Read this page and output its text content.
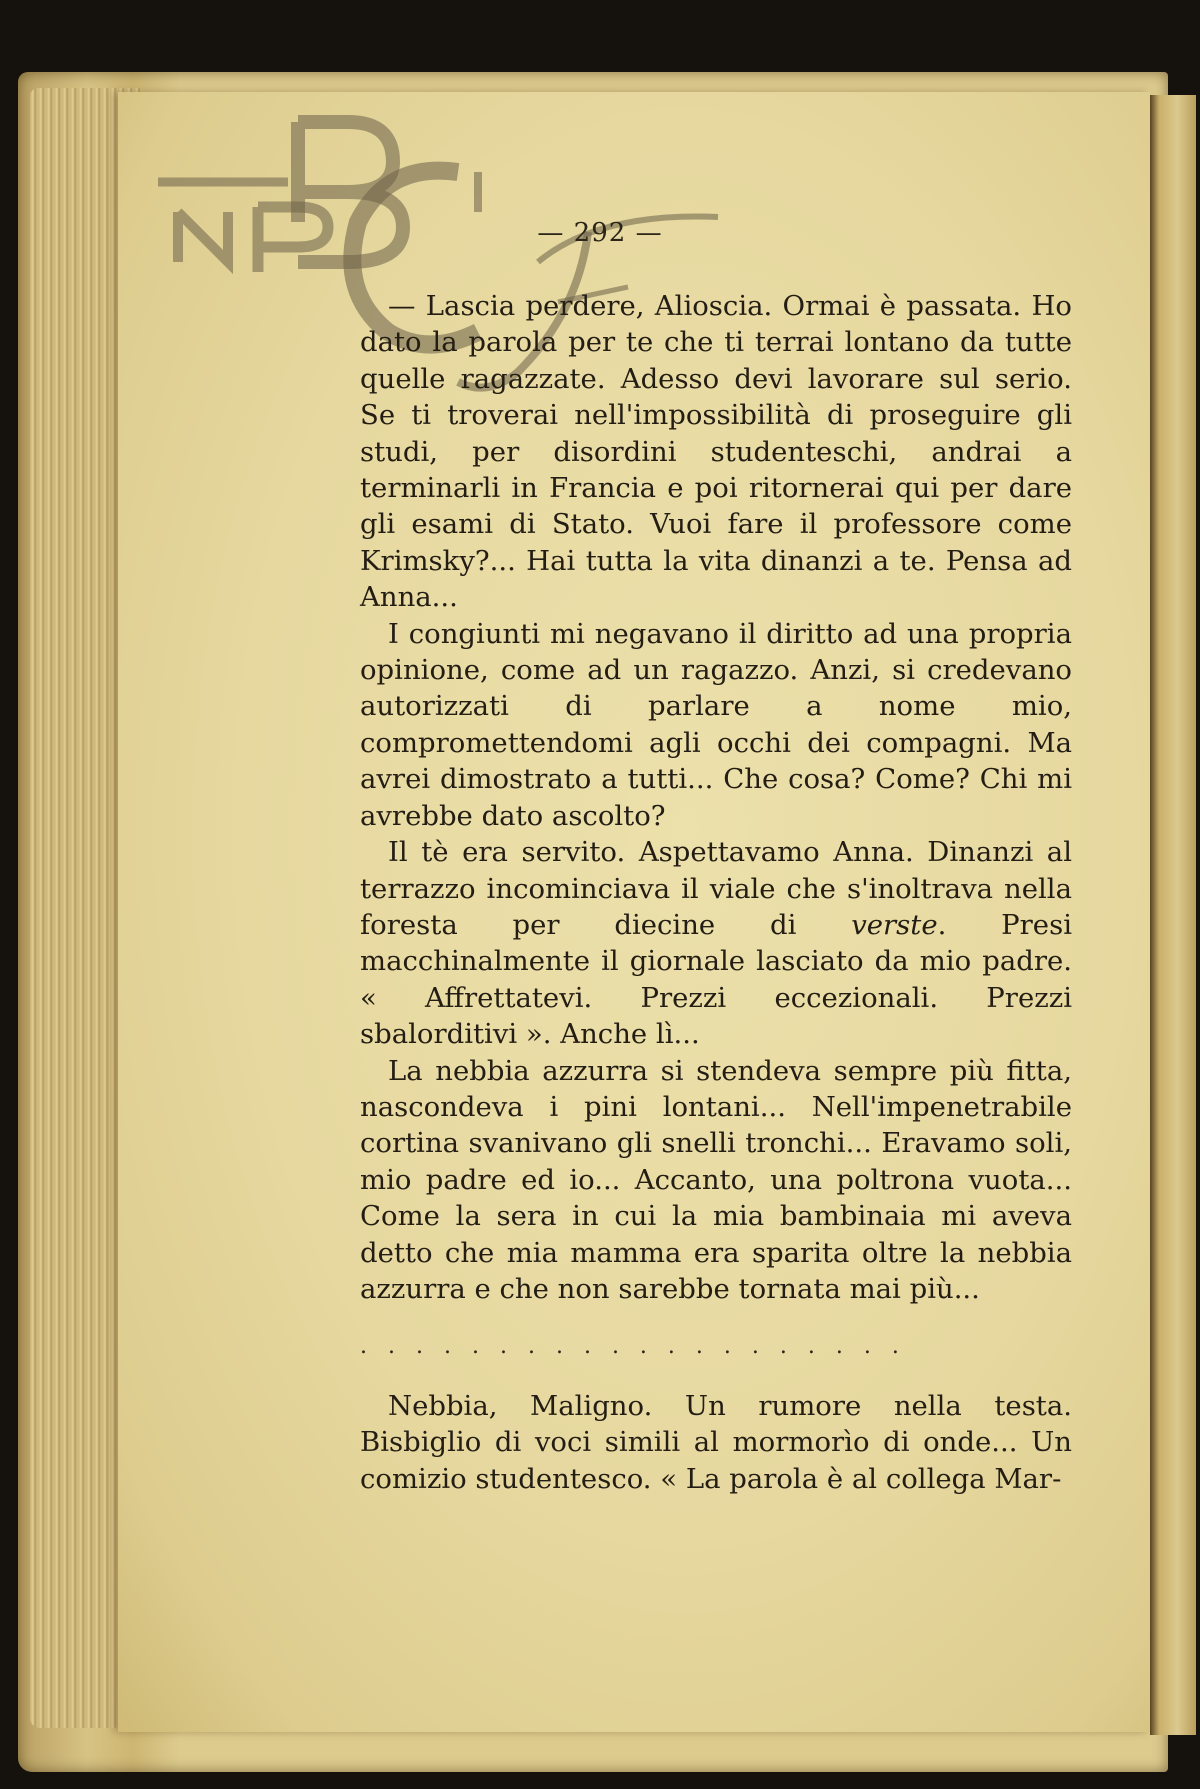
— 292 —

— Lascia perdere, Alioscia. Ormai è passata. Ho dato la parola per te che ti terrai lontano da tutte quelle ragazzate. Adesso devi lavorare sul serio. Se ti troverai nell'impossibilità di proseguire gli studi, per disordini studenteschi, andrai a terminarli in Francia e poi ritornerai qui per dare gli esami di Stato. Vuoi fare il professore come Krimsky?... Hai tutta la vita dinanzi a te. Pensa ad Anna...

I congiunti mi negavano il diritto ad una propria opinione, come ad un ragazzo. Anzi, si credevano autorizzati di parlare a nome mio, compromettendomi agli occhi dei compagni. Ma avrei dimostrato a tutti... Che cosa? Come? Chi mi avrebbe dato ascolto?

Il tè era servito. Aspettavamo Anna. Dinanzi al terrazzo incominciava il viale che s'inoltrava nella foresta per diecine di verste. Presi macchinalmente il giornale lasciato da mio padre. « Affrettatevi. Prezzi eccezionali. Prezzi sbalorditivi ». Anche lì...

La nebbia azzurra si stendeva sempre più fitta, nascondeva i pini lontani... Nell'impenetrabile cortina svanivano gli snelli tronchi... Eravamo soli, mio padre ed io... Accanto, una poltrona vuota... Come la sera in cui la mia bambinaia mi aveva detto che mia mamma era sparita oltre la nebbia azzurra e che non sarebbe tornata mai più...

....................

Nebbia, Maligno. Un rumore nella testa. Bisbiglio di voci simili al mormorìo di onde... Un comizio studentesco. « La parola è al collega Mar-
